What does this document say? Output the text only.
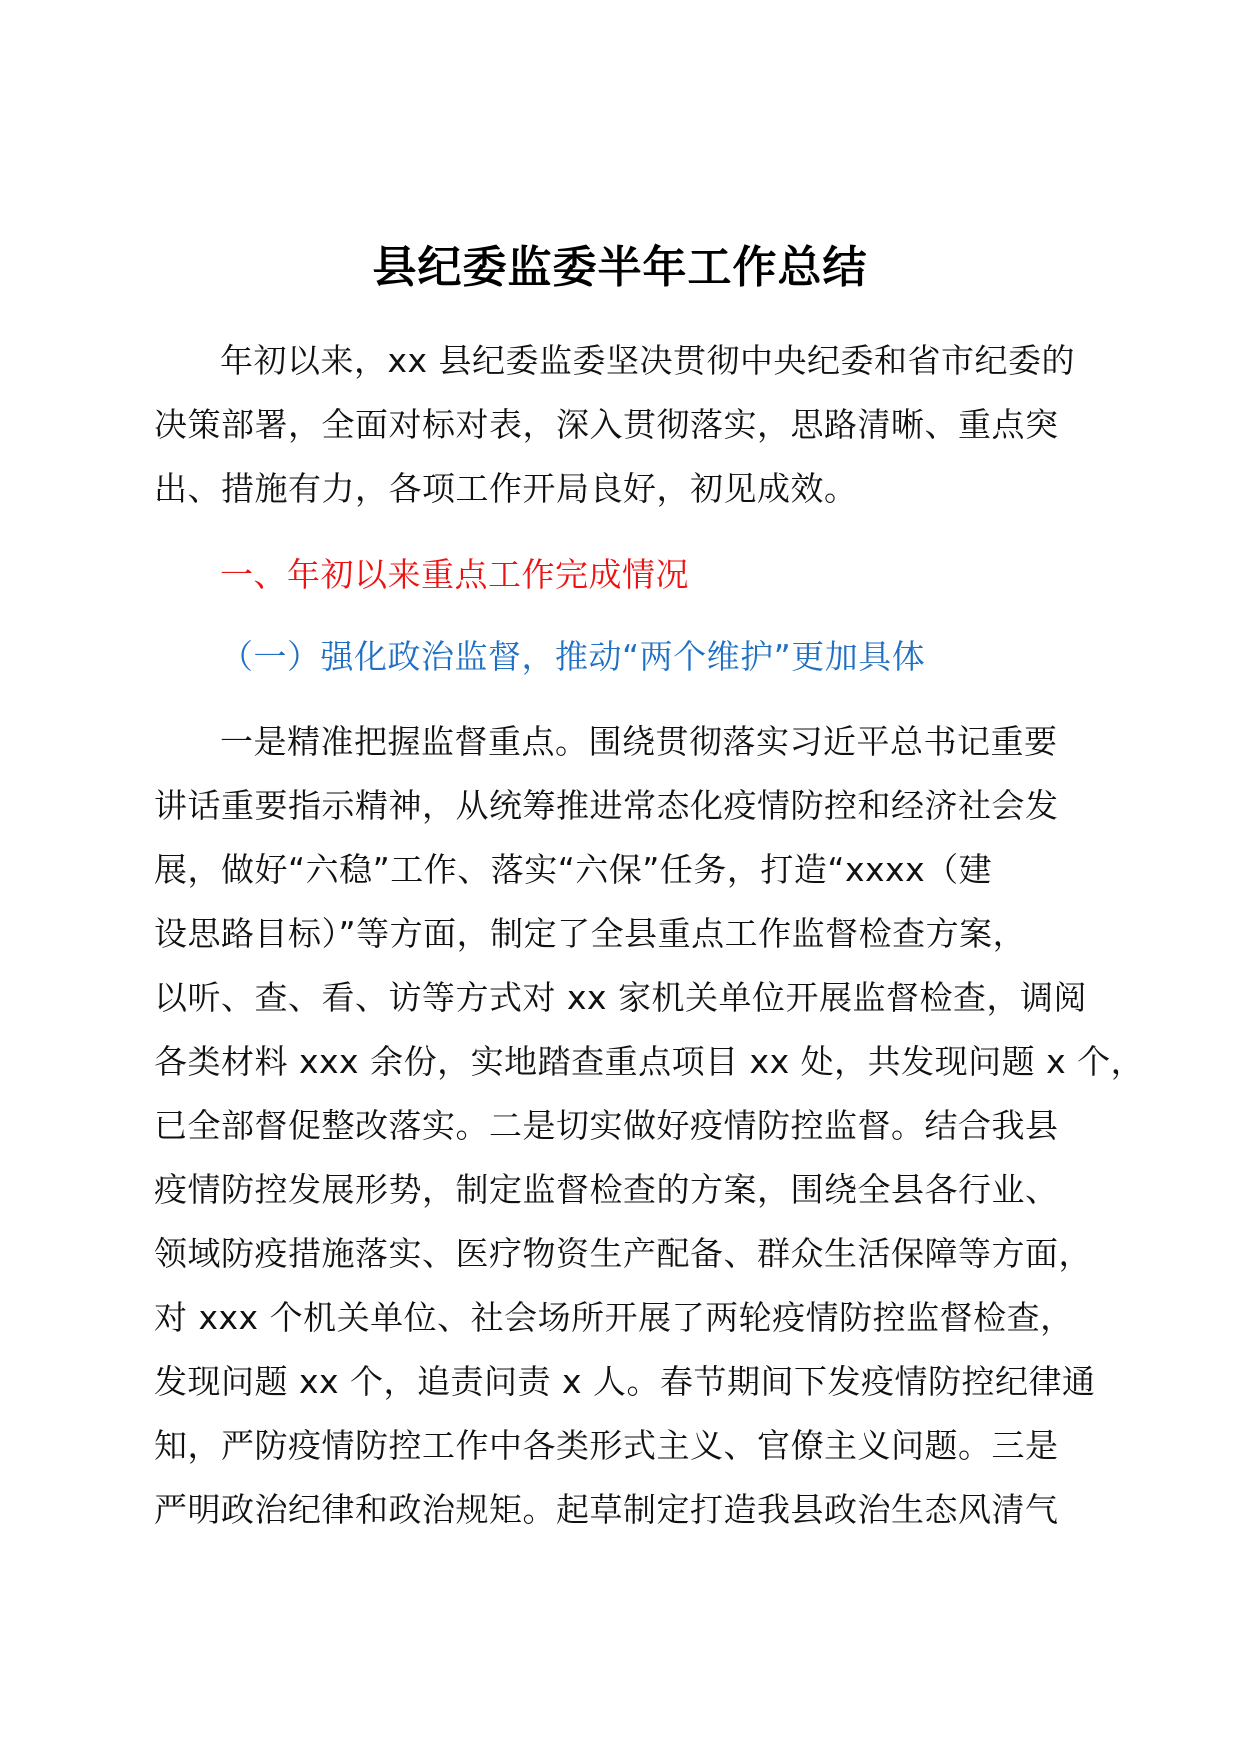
县纪委监委半年工作总结
年初以来，xx 县纪委监委坚决贯彻中央纪委和省市纪委的
决策部署，全面对标对表，深入贯彻落实，思路清晰、重点突
出、措施有力，各项工作开局良好，初见成效。
一、年初以来重点工作完成情况
（一）强化政治监督，推动“两个维护”更加具体
一是精准把握监督重点。围绕贯彻落实习近平总书记重要
讲话重要指示精神，从统筹推进常态化疫情防控和经济社会发
展，做好“六稳”工作、落实“六保”任务，打造“xxxx（建
设思路目标）”等方面，制定了全县重点工作监督检查方案，
以听、查、看、访等方式对 xx 家机关单位开展监督检查，调阅
各类材料 xxx 余份，实地踏查重点项目 xx 处，共发现问题 x 个，
已全部督促整改落实。二是切实做好疫情防控监督。结合我县
疫情防控发展形势，制定监督检查的方案，围绕全县各行业、
领域防疫措施落实、医疗物资生产配备、群众生活保障等方面，
对 xxx 个机关单位、社会场所开展了两轮疫情防控监督检查，
发现问题 xx 个，追责问责 x 人。春节期间下发疫情防控纪律通
知，严防疫情防控工作中各类形式主义、官僚主义问题。三是
严明政治纪律和政治规矩。起草制定打造我县政治生态风清气
